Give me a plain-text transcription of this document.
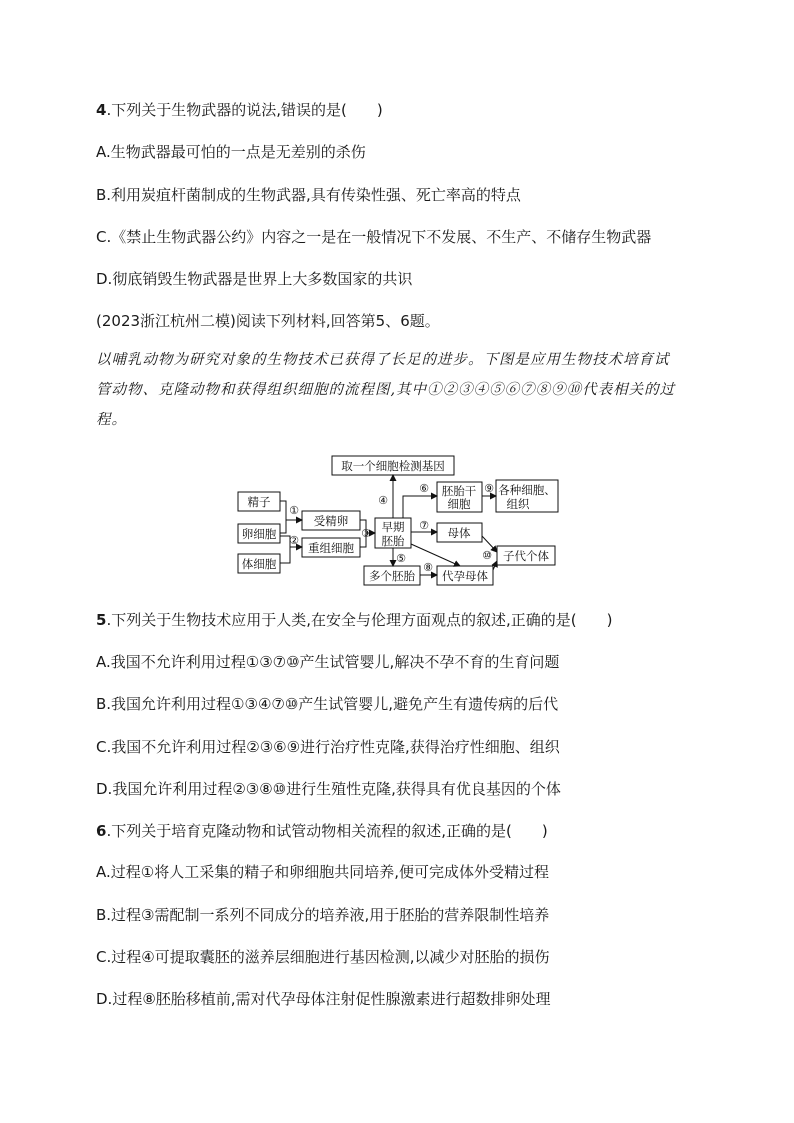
4.下列关于生物武器的说法,错误的是(　　)
A.生物武器最可怕的一点是无差别的杀伤
B.利用炭疽杆菌制成的生物武器,具有传染性强、死亡率高的特点
C.《禁止生物武器公约》内容之一是在一般情况下不发展、不生产、不储存生物武器
D.彻底销毁生物武器是世界上大多数国家的共识
(2023浙江杭州二模)阅读下列材料,回答第5、6题。
以哺乳动物为研究对象的生物技术已获得了长足的进步。下图是应用生物技术培育试
管动物、克隆动物和获得组织细胞的流程图,其中①②③④⑤⑥⑦⑧⑨⑩代表相关的过
程。
精子
卵细胞
体细胞
受精卵
重组细胞
早期
胚胎
取一个细胞检测基因
胚胎干
细胞
各种细胞、
组织
母体
多个胚胎 代孕母体
子代个体
①
②
③
④
⑤
⑥
⑦
⑧
⑨
⑩
5.下列关于生物技术应用于人类,在安全与伦理方面观点的叙述,正确的是(　　)
A.我国不允许利用过程①③⑦⑩产生试管婴儿,解决不孕不育的生育问题
B.我国允许利用过程①③④⑦⑩产生试管婴儿,避免产生有遗传病的后代
C.我国不允许利用过程②③⑥⑨进行治疗性克隆,获得治疗性细胞、组织
D.我国允许利用过程②③⑧⑩进行生殖性克隆,获得具有优良基因的个体
6.下列关于培育克隆动物和试管动物相关流程的叙述,正确的是(　　)
A.过程①将人工采集的精子和卵细胞共同培养,便可完成体外受精过程
B.过程③需配制一系列不同成分的培养液,用于胚胎的营养限制性培养
C.过程④可提取囊胚的滋养层细胞进行基因检测,以减少对胚胎的损伤
D.过程⑧胚胎移植前,需对代孕母体注射促性腺激素进行超数排卵处理
